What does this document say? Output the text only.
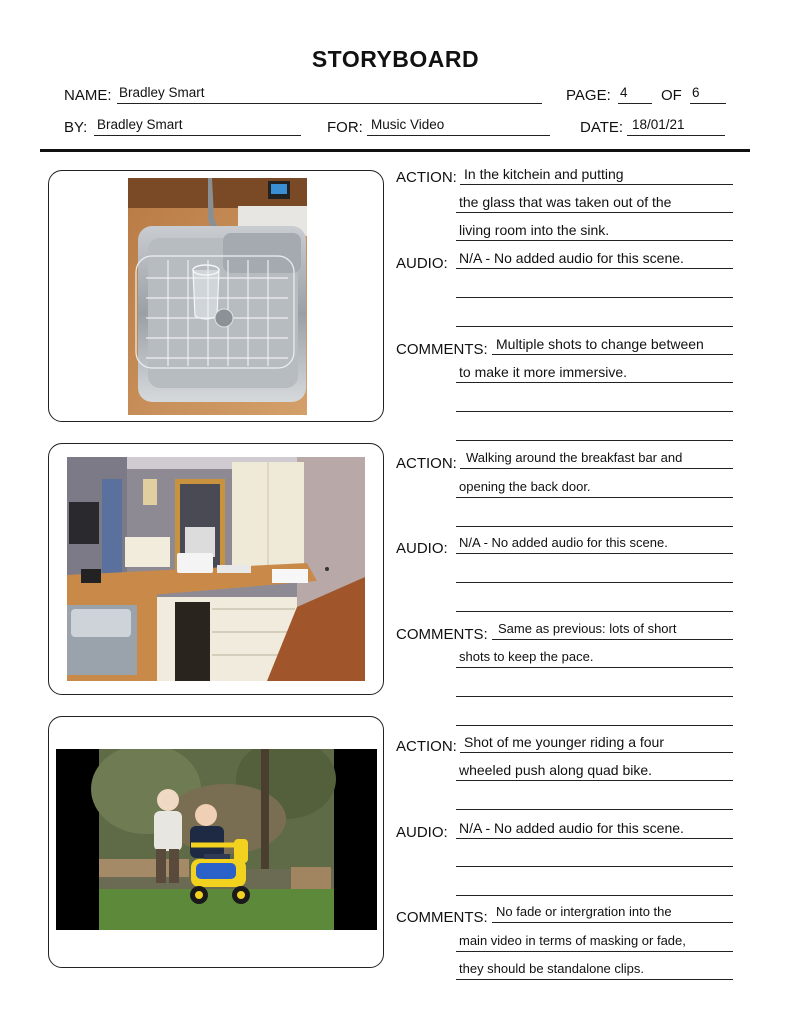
STORYBOARD
NAME: Bradley Smart	PAGE: 4 OF 6
BY: Bradley Smart	FOR: Music Video	DATE: 18/01/21
ACTION: In the kitchein and putting
the glass that was taken out of the
living room into the sink.
AUDIO: N/A - No added audio for this scene.
COMMENTS: Multiple shots to change between
to make it more immersive.
ACTION: Walking around the breakfast bar and
opening the back door.
AUDIO: N/A - No added audio for this scene.
COMMENTS: Same as previous: lots of short
shots to keep the pace.
ACTION: Shot of me younger riding a four
wheeled push along quad bike.
AUDIO: N/A - No added audio for this scene.
COMMENTS: No fade or intergration into the
main video in terms of masking or fade,
they should be standalone clips.
